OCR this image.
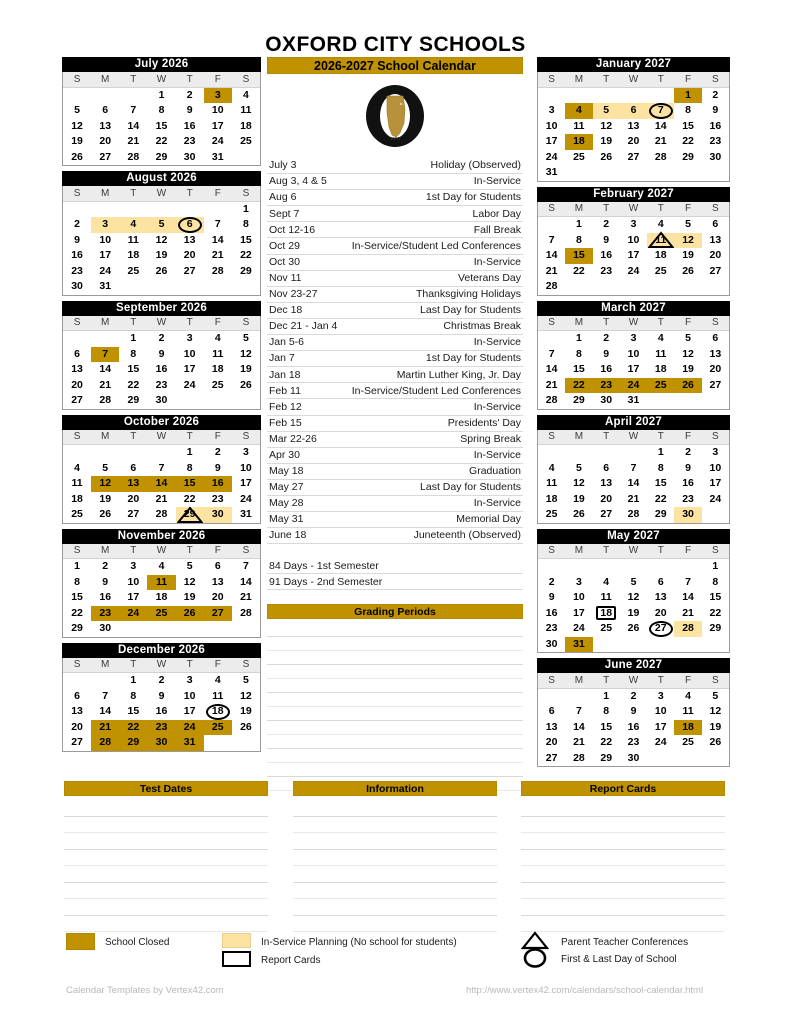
OXFORD CITY SCHOOLS
July 2026
S	M	T	W	T	F	S
			1	2	3	4
5	6	7	8	9	10	11
12	13	14	15	16	17	18
19	20	21	22	23	24	25
26	27	28	29	30	31	
August 2026
S	M	T	W	T	F	S
						1
2	3	4	5	6	7	8
9	10	11	12	13	14	15
16	17	18	19	20	21	22
23	24	25	26	27	28	29
30	31					
September 2026
S	M	T	W	T	F	S
		1	2	3	4	5
6	7	8	9	10	11	12
13	14	15	16	17	18	19
20	21	22	23	24	25	26
27	28	29	30			
October 2026
S	M	T	W	T	F	S
				1	2	3
4	5	6	7	8	9	10
11	12	13	14	15	16	17
18	19	20	21	22	23	24
25	26	27	28	29	30	31
November 2026
S	M	T	W	T	F	S
1	2	3	4	5	6	7
8	9	10	11	12	13	14
15	16	17	18	19	20	21
22	23	24	25	26	27	28
29	30					
December 2026
S	M	T	W	T	F	S
		1	2	3	4	5
6	7	8	9	10	11	12
13	14	15	16	17	18	19
20	21	22	23	24	25	26
27	28	29	30	31		
2026-2027 School Calendar
1970
July 3	Holiday (Observed)
Aug 3, 4 & 5	In-Service
Aug 6	1st Day for Students
Sept 7	Labor Day
Oct 12-16	Fall Break
Oct 29	In-Service/Student Led Conferences
Oct 30	In-Service
Nov 11	Veterans Day
Nov 23-27	Thanksgiving Holidays
Dec 18	Last Day for Students
Dec 21 - Jan 4	Christmas Break
Jan 5-6	In-Service
Jan 7	1st Day for Students
Jan 18	Martin Luther King, Jr. Day
Feb 11	In-Service/Student Led Conferences
Feb 12	In-Service
Feb 15	Presidents' Day
Mar 22-26	Spring Break
Apr 30	In-Service
May 18	Graduation
May 27	Last Day for Students
May 28	In-Service
May 31	Memorial Day
June 18	Juneteenth (Observed)
84 Days - 1st Semester
91 Days - 2nd Semester
Grading Periods
January 2027
S	M	T	W	T	F	S
					1	2
3	4	5	6	7	8	9
10	11	12	13	14	15	16
17	18	19	20	21	22	23
24	25	26	27	28	29	30
31						
February 2027
S	M	T	W	T	F	S
	1	2	3	4	5	6
7	8	9	10	11	12	13
14	15	16	17	18	19	20
21	22	23	24	25	26	27
28						
March 2027
S	M	T	W	T	F	S
	1	2	3	4	5	6
7	8	9	10	11	12	13
14	15	16	17	18	19	20
21	22	23	24	25	26	27
28	29	30	31			
April 2027
S	M	T	W	T	F	S
				1	2	3
4	5	6	7	8	9	10
11	12	13	14	15	16	17
18	19	20	21	22	23	24
25	26	27	28	29	30	
May 2027
S	M	T	W	T	F	S
						1
2	3	4	5	6	7	8
9	10	11	12	13	14	15
16	17	18	19	20	21	22
23	24	25	26	27	28	29
30	31					
June 2027
S	M	T	W	T	F	S
		1	2	3	4	5
6	7	8	9	10	11	12
13	14	15	16	17	18	19
20	21	22	23	24	25	26
27	28	29	30			
Test Dates	Information	Report Cards
School Closed	In-Service Planning (No school for students)
Report Cards
Parent Teacher Conferences
First & Last Day of School
Calendar Templates by Vertex42.com	http://www.vertex42.com/calendars/school-calendar.html
